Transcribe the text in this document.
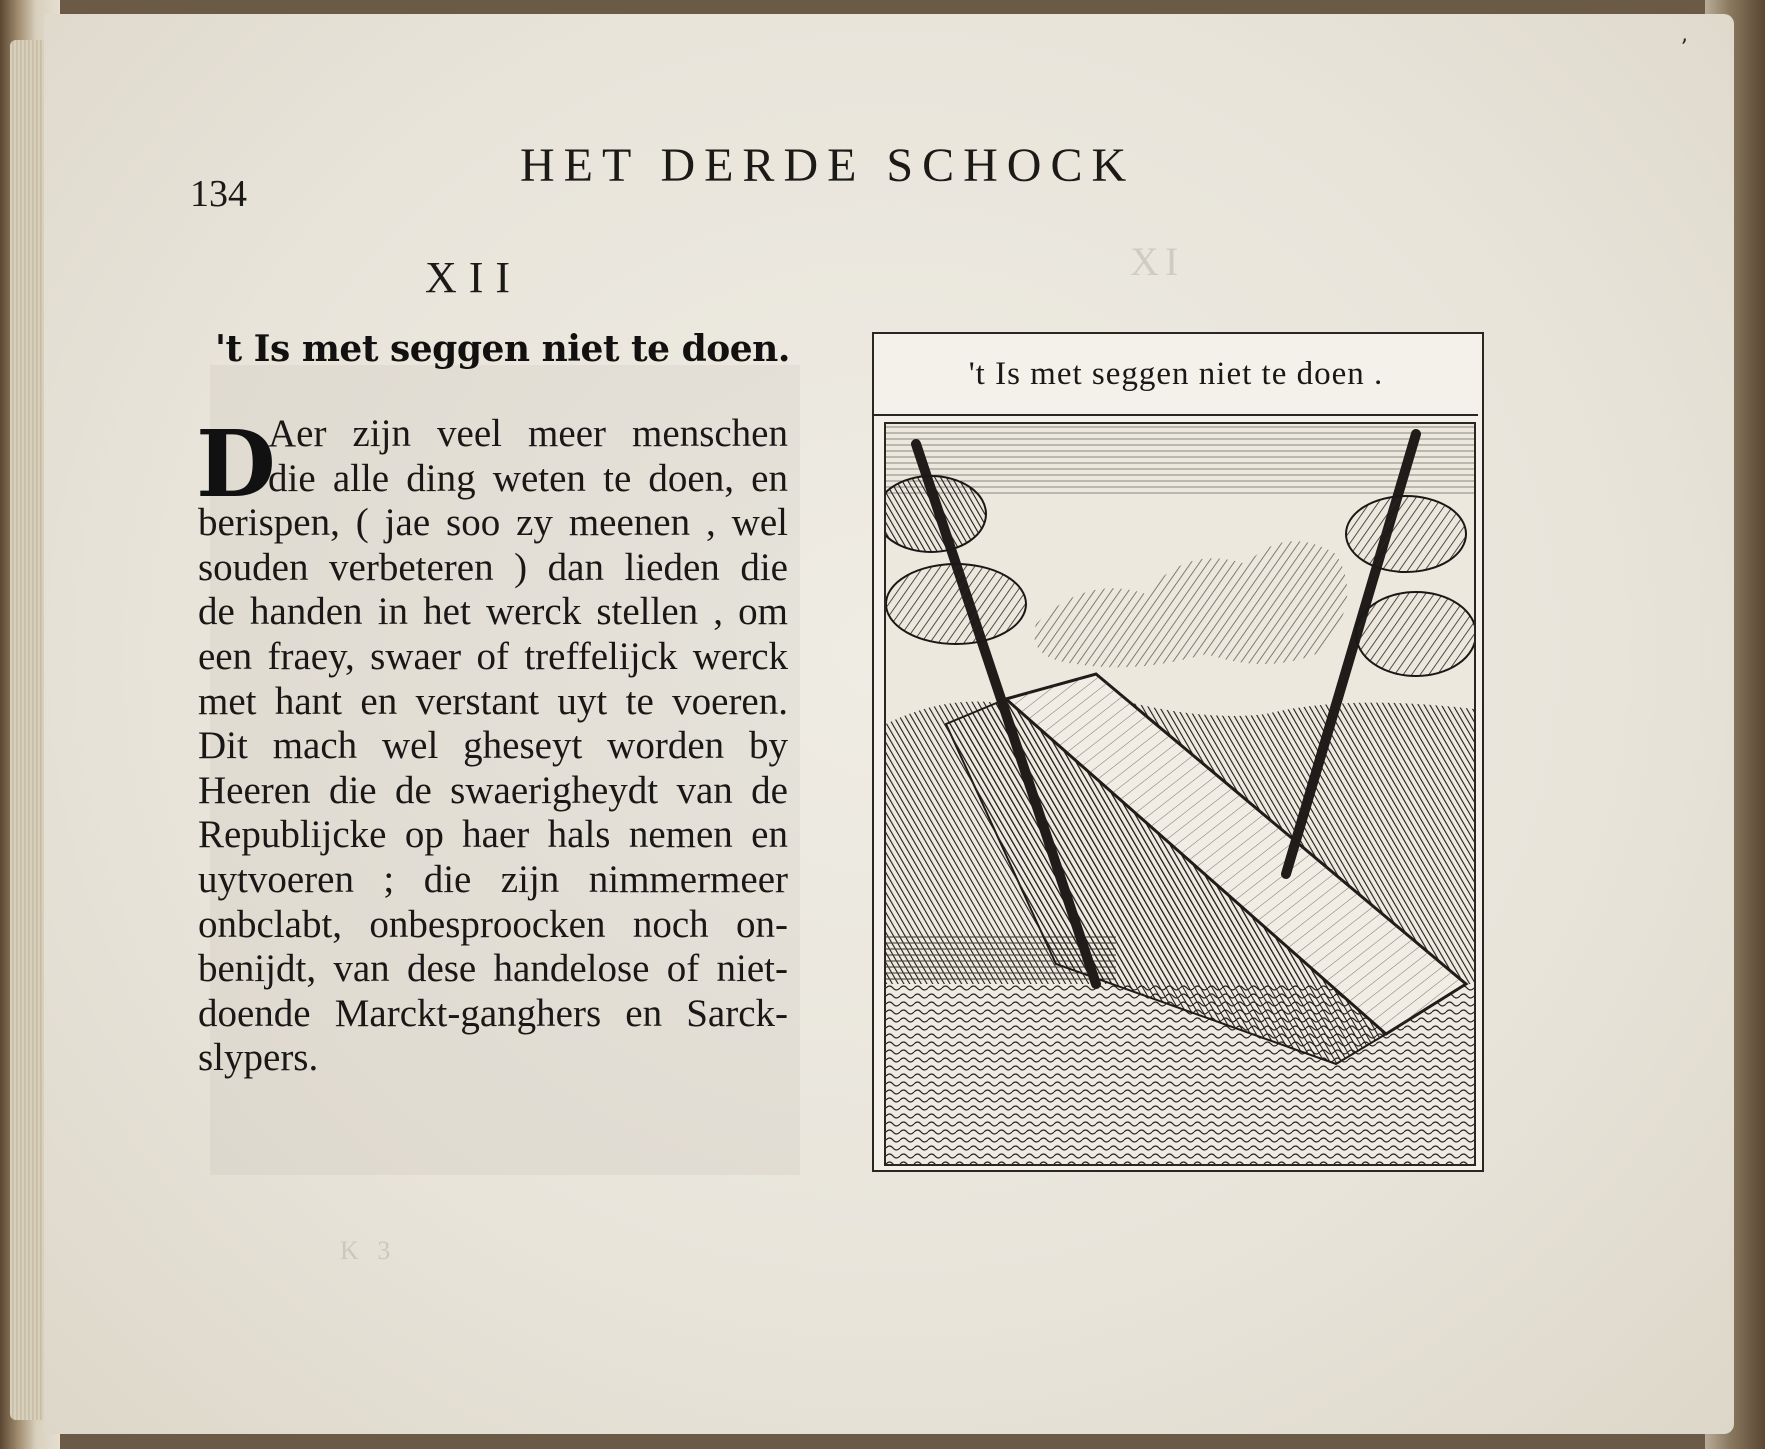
XI
K 3
134
HET DERDE SCHOCK
XII
't Is met seggen niet te doen.
D
Aer zijn veel meer menschen
die alle ding weten te doen, en
berispen, ( jae soo zy meenen , wel
souden verbeteren ) dan lieden die
de handen in het werck stellen , om
een fraey, swaer of treffelijck werck
met hant en verstant uyt te voeren.
Dit mach wel gheseyt worden by
Heeren die de swaerigheydt van de
Republijcke op haer hals nemen en
uytvoeren ; die zijn nimmermeer
onbclabt, onbesproocken noch on-
benijdt, van dese handelose of niet-
doende Marckt-ganghers en Sarck-
slypers.
't Is met seggen niet te doen .
ʼ
